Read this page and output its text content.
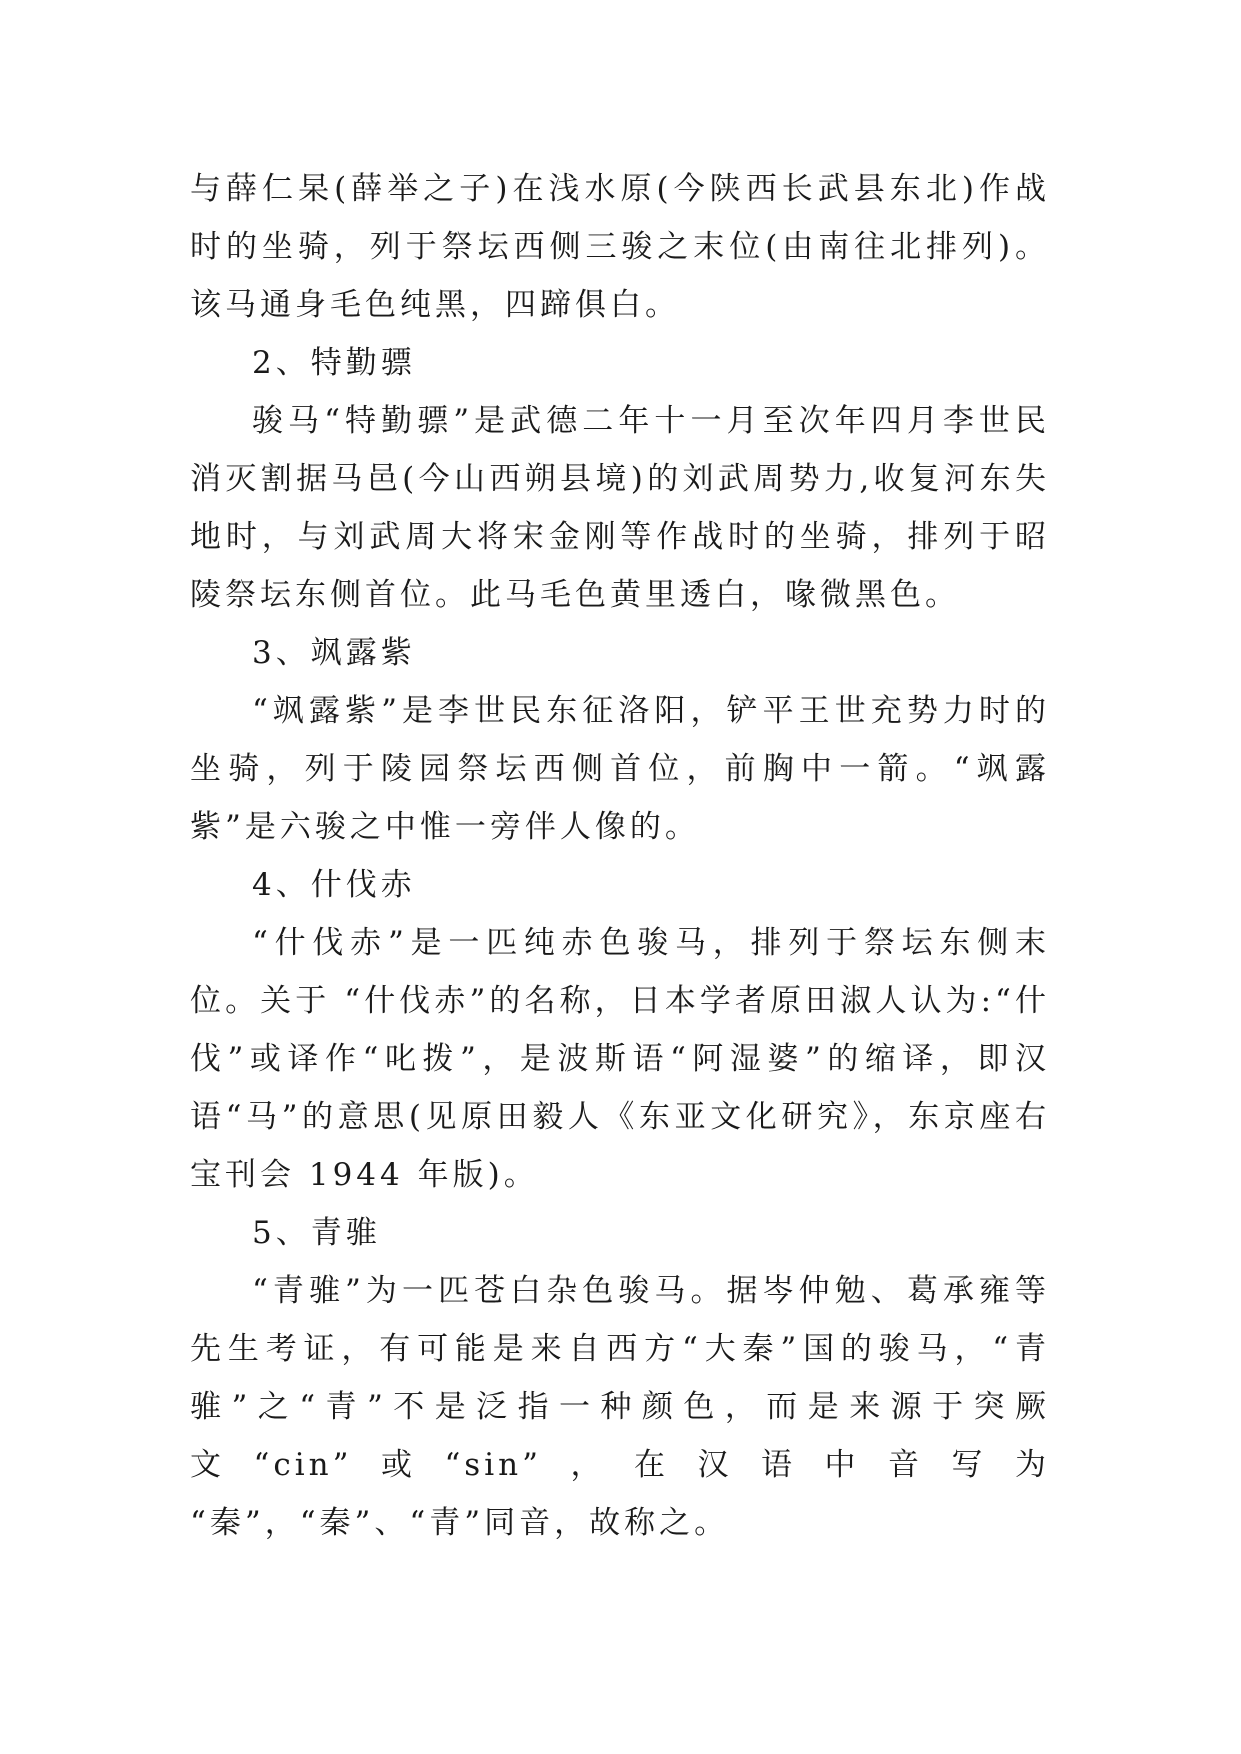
与薛仁杲(薛举之子)在浅水原(今陕西长武县东北)作战时的坐骑，列于祭坛西侧三骏之末位(由南往北排列)。该马通身毛色纯黑，四蹄俱白。

2、特勤骠

骏马“特勤骠”是武德二年十一月至次年四月李世民消灭割据马邑(今山西朔县境)的刘武周势力,收复河东失地时，与刘武周大将宋金刚等作战时的坐骑，排列于昭陵祭坛东侧首位。此马毛色黄里透白，喙微黑色。

3、飒露紫

“飒露紫”是李世民东征洛阳，铲平王世充势力时的坐骑，列于陵园祭坛西侧首位，前胸中一箭。“飒露紫”是六骏之中惟一旁伴人像的。

4、什伐赤

“什伐赤”是一匹纯赤色骏马，排列于祭坛东侧末位。关于 “什伐赤”的名称，日本学者原田淑人认为:“什伐”或译作“叱拨”，是波斯语“阿湿婆”的缩译，即汉语“马”的意思(见原田毅人《东亚文化研究》，东京座右宝刊会 1944 年版)。

5、青骓

“青骓”为一匹苍白杂色骏马。据岑仲勉、葛承雍等先生考证，有可能是来自西方“大秦”国的骏马，“青骓”之“青”不是泛指一种颜色，而是来源于突厥文“cin”或“sin”，在汉语中音写为 “秦”，“秦”、“青”同音，故称之。
